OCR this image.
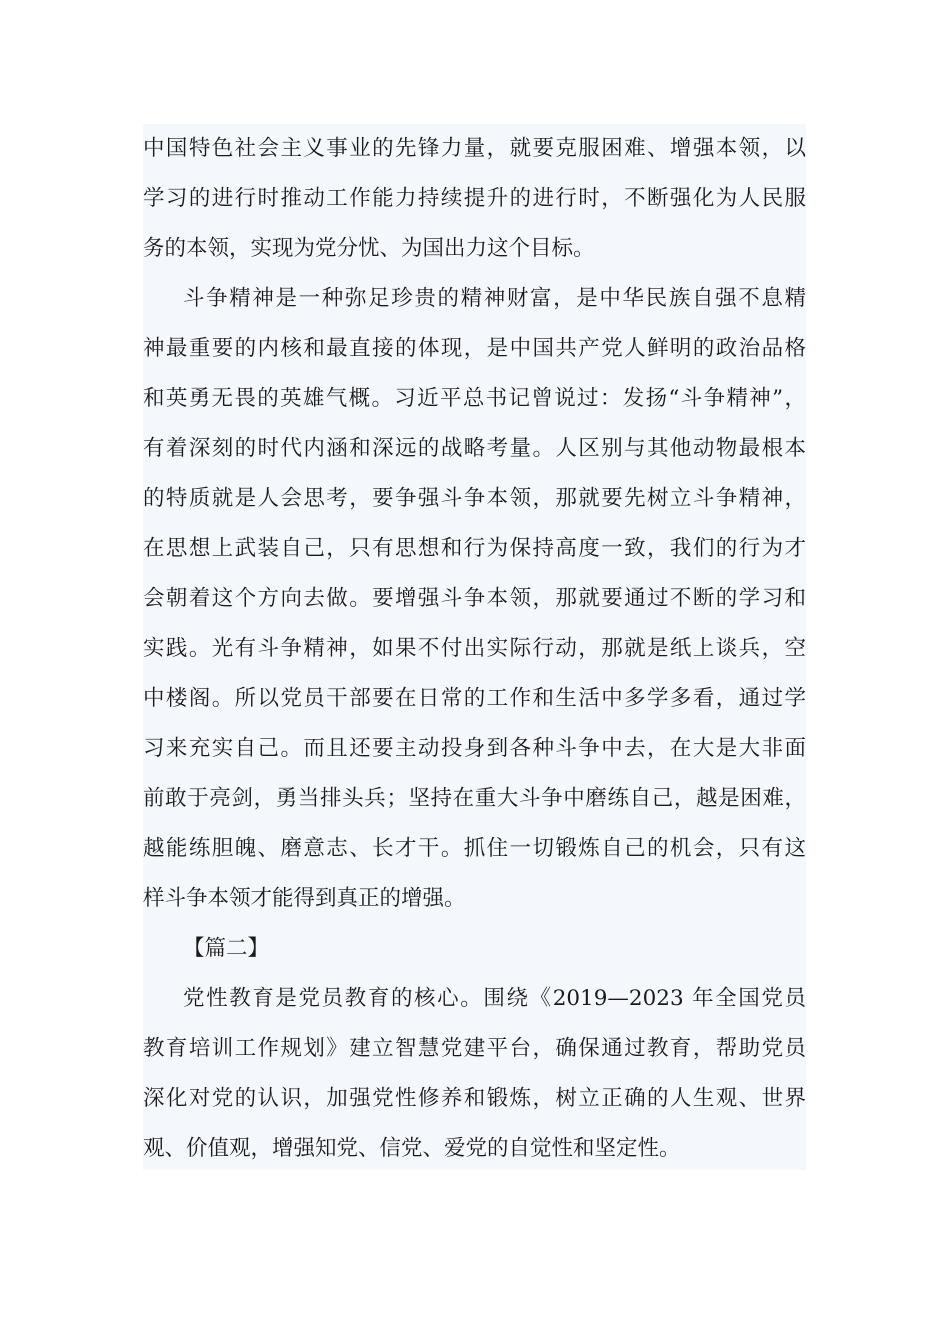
中国特色社会主义事业的先锋力量，就要克服困难、增强本领，以
学习的进行时推动工作能力持续提升的进行时，不断强化为人民服
务的本领，实现为党分忧、为国出力这个目标。
斗争精神是一种弥足珍贵的精神财富，是中华民族自强不息精
神最重要的内核和最直接的体现，是中国共产党人鲜明的政治品格
和英勇无畏的英雄气概。习近平总书记曾说过：发扬“斗争精神”，
有着深刻的时代内涵和深远的战略考量。人区别与其他动物最根本
的特质就是人会思考，要争强斗争本领，那就要先树立斗争精神，
在思想上武装自己，只有思想和行为保持高度一致，我们的行为才
会朝着这个方向去做。要增强斗争本领，那就要通过不断的学习和
实践。光有斗争精神，如果不付出实际行动，那就是纸上谈兵，空
中楼阁。所以党员干部要在日常的工作和生活中多学多看，通过学
习来充实自己。而且还要主动投身到各种斗争中去，在大是大非面
前敢于亮剑，勇当排头兵；坚持在重大斗争中磨练自己，越是困难，
越能练胆魄、磨意志、长才干。抓住一切锻炼自己的机会，只有这
样斗争本领才能得到真正的增强。
【篇二】
党性教育是党员教育的核心。围绕《2019—2023 年全国党员
教育培训工作规划》建立智慧党建平台，确保通过教育，帮助党员
深化对党的认识，加强党性修养和锻炼，树立正确的人生观、世界
观、价值观，增强知党、信党、爱党的自觉性和坚定性。
